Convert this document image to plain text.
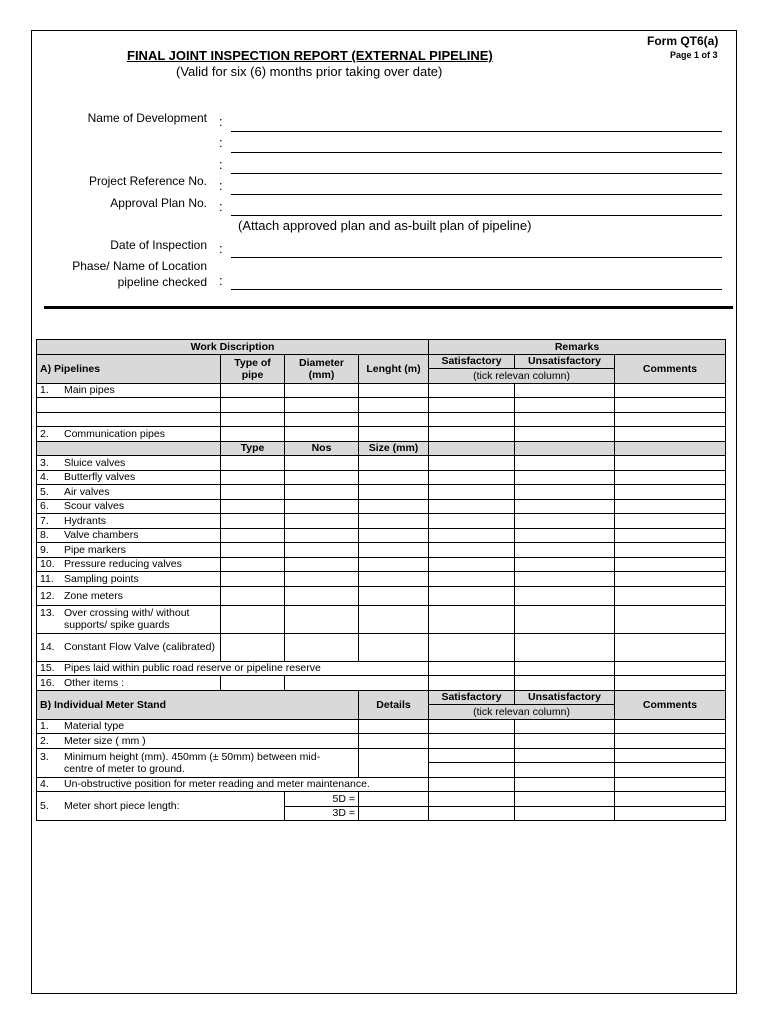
Form QT6(a)
Page 1 of 3
FINAL JOINT INSPECTION REPORT (EXTERNAL PIPELINE)
(Valid for six (6) months prior taking over date)
Name of Development :
:
:
Project Reference No. :
Approval Plan No. :
(Attach approved plan and as-built plan of pipeline)
Date of Inspection :
Phase/ Name of Location
pipeline checked :
Work Discription				Remarks		
A) Pipelines	Type of pipe	Diameter (mm)	Lenght (m)	Satisfactory	Unsatisfactory	Comments
				(tick relevan column)		
1. Main pipes						

2. Communication pipes						
	Type	Nos	Size (mm)			
3. Sluice valves						
4. Butterfly valves						
5. Air valves						
6. Scour valves						
7. Hydrants						
8. Valve chambers						
9. Pipe markers						
10. Pressure reducing valves						
11. Sampling points						
12. Zone meters						

13. Over crossing with/ without supports/ spike guards						

14. Constant Flow Valve (calibrated)						

15. Pipes laid within public road reserve or pipeline reserve						
16. Other items :						
B) Individual Meter Stand			Details	Satisfactory	Unsatisfactory	Comments
				(tick relevan column)		
1. Material type						
2. Meter size ( mm )						

3. Minimum height (mm). 450mm (± 50mm) between mid-centre of meter to ground.						

4. Un-obstructive position for meter reading and meter maintenance.						
5. Meter short piece length:		5D =				
		3D =				
